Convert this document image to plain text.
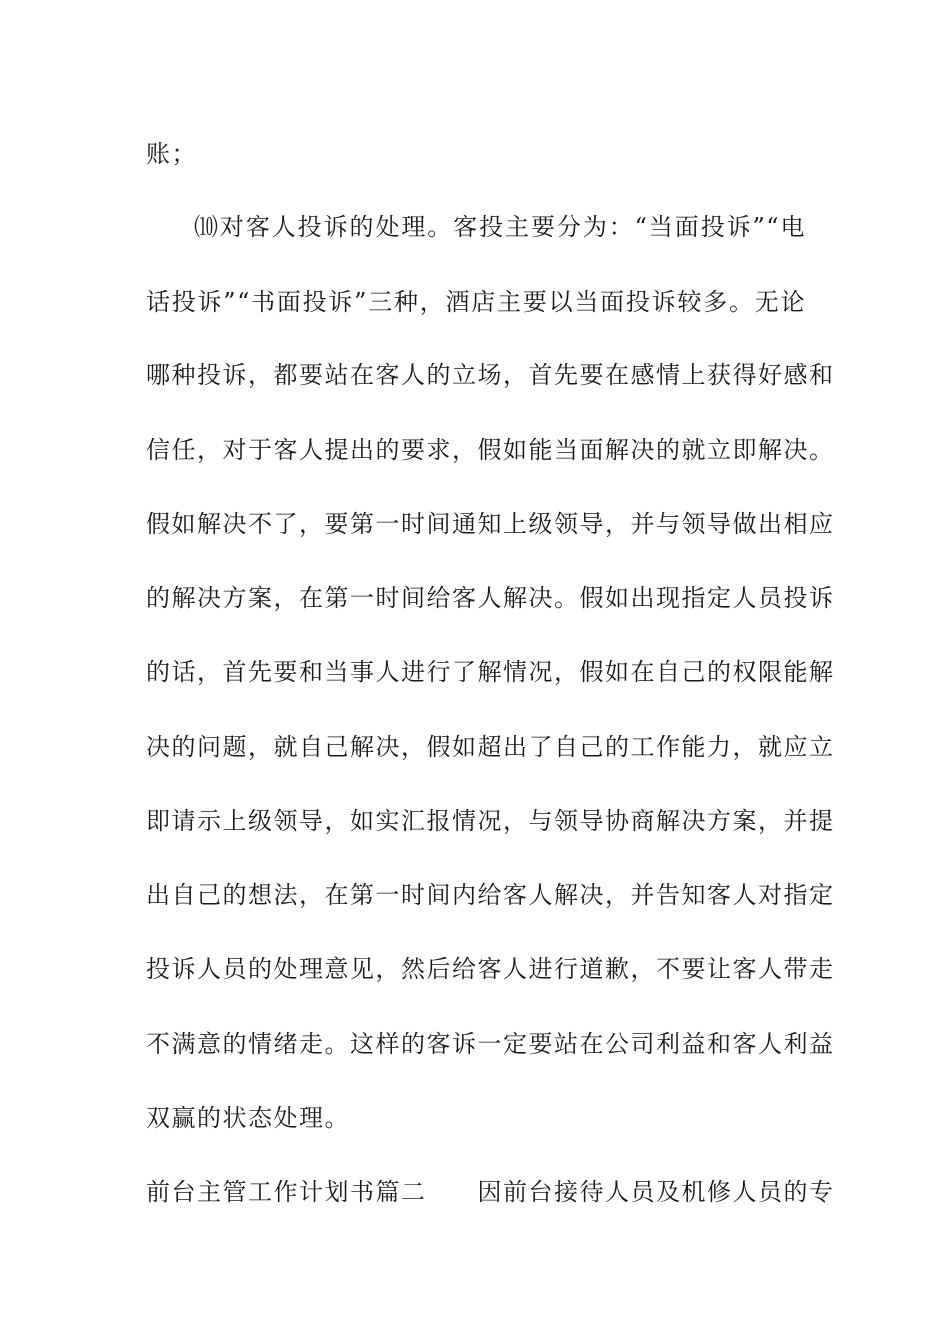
账；
⑽对客人投诉的处理。客投主要分为：“当面投诉”“电
话投诉”“书面投诉”三种，酒店主要以当面投诉较多。无论
哪种投诉，都要站在客人的立场，首先要在感情上获得好感和
信任，对于客人提出的要求，假如能当面解决的就立即解决。
假如解决不了，要第一时间通知上级领导，并与领导做出相应
的解决方案，在第一时间给客人解决。假如出现指定人员投诉
的话，首先要和当事人进行了解情况，假如在自己的权限能解
决的问题，就自己解决，假如超出了自己的工作能力，就应立
即请示上级领导，如实汇报情况，与领导协商解决方案，并提
出自己的想法，在第一时间内给客人解决，并告知客人对指定
投诉人员的处理意见，然后给客人进行道歉，不要让客人带走
不满意的情绪走。这样的客诉一定要站在公司利益和客人利益
双赢的状态处理。
前台主管工作计划书篇二　　因前台接待人员及机修人员的专
